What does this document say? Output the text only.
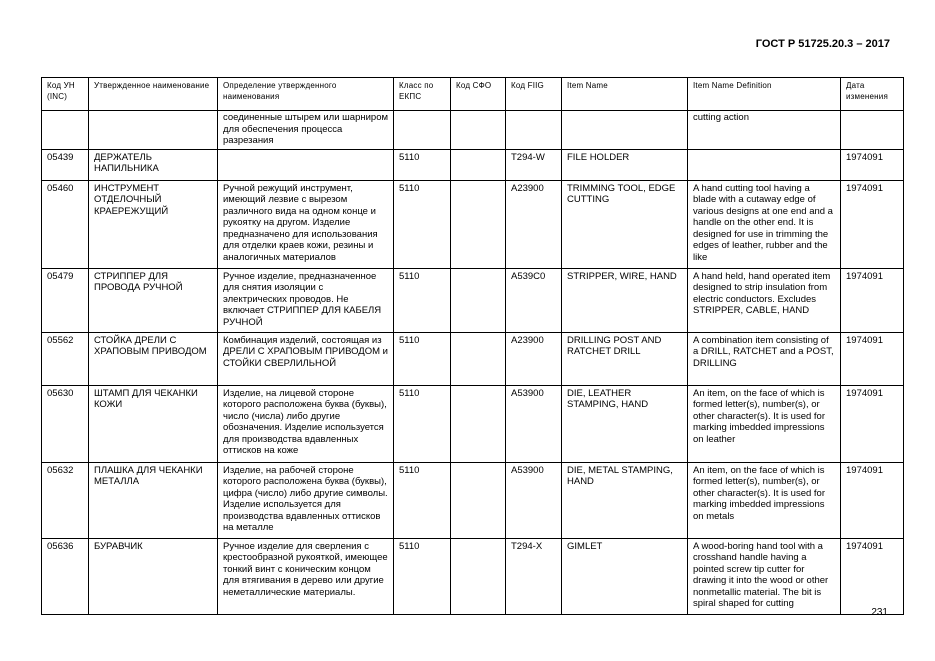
ГОСТ Р 51725.20.3 – 2017
Код УН (INC)	Утвержденное наименование	Определение утвержденного наименования	Класс по ЕКПС	Код СФО	Код FIIG	Item Name	Item Name Definition	Дата изменения
		соединенные штырем или шарниром для обеспечения процесса разрезания					cutting action	
05439	ДЕРЖАТЕЛЬ НАПИЛЬНИКА		5110		T294-W	FILE HOLDER		1974091
05460	ИНСТРУМЕНТ ОТДЕЛОЧНЫЙ КРАЕРЕЖУЩИЙ	Ручной режущий инструмент, имеющий лезвие с вырезом различного вида на одном конце и рукоятку на другом. Изделие предназначено для использования для отделки краев кожи, резины и аналогичных материалов	5110		A23900	TRIMMING TOOL, EDGE CUTTING	A hand cutting tool having a blade with a cutaway edge of various designs at one end and a handle on the other end. It is designed for use in trimming the edges of leather, rubber and the like	1974091
05479	СТРИППЕР ДЛЯ ПРОВОДА РУЧНОЙ	Ручное изделие, предназначенное для снятия изоляции с электрических проводов. Не включает СТРИППЕР ДЛЯ КАБЕЛЯ РУЧНОЙ	5110		A539C0	STRIPPER, WIRE, HAND	A hand held, hand operated item designed to strip insulation from electric conductors. Excludes STRIPPER, CABLE, HAND	1974091
05562	СТОЙКА ДРЕЛИ С ХРАПОВЫМ ПРИВОДОМ	Комбинация изделий, состоящая из ДРЕЛИ С ХРАПОВЫМ ПРИВОДОМ и СТОЙКИ СВЕРЛИЛЬНОЙ	5110		A23900	DRILLING POST AND RATCHET DRILL	A combination item consisting of a DRILL, RATCHET and a POST, DRILLING	1974091
05630	ШТАМП ДЛЯ ЧЕКАНКИ КОЖИ	Изделие, на лицевой стороне которого расположена буква (буквы), число (числа) либо другие обозначения. Изделие используется для производства вдавленных оттисков на коже	5110		A53900	DIE, LEATHER STAMPING, HAND	An item, on the face of which is formed letter(s), number(s), or other character(s). It is used for marking imbedded impressions on leather	1974091
05632	ПЛАШКА ДЛЯ ЧЕКАНКИ МЕТАЛЛА	Изделие, на рабочей стороне которого расположена буква (буквы), цифра (число) либо другие символы. Изделие используется для производства вдавленных оттисков на металле	5110		A53900	DIE, METAL STAMPING, HAND	An item, on the face of which is formed letter(s), number(s), or other character(s). It is used for marking imbedded impressions on metals	1974091
05636	БУРАВЧИК	Ручное изделие для сверления с крестообразной рукояткой, имеющее тонкий винт с коническим концом для втягивания в дерево или другие неметаллические материалы.	5110		T294-X	GIMLET	A wood-boring hand tool with a crosshand handle having a pointed screw tip cutter for drawing it into the wood or other nonmetallic material. The bit is spiral shaped for cutting	1974091
231
